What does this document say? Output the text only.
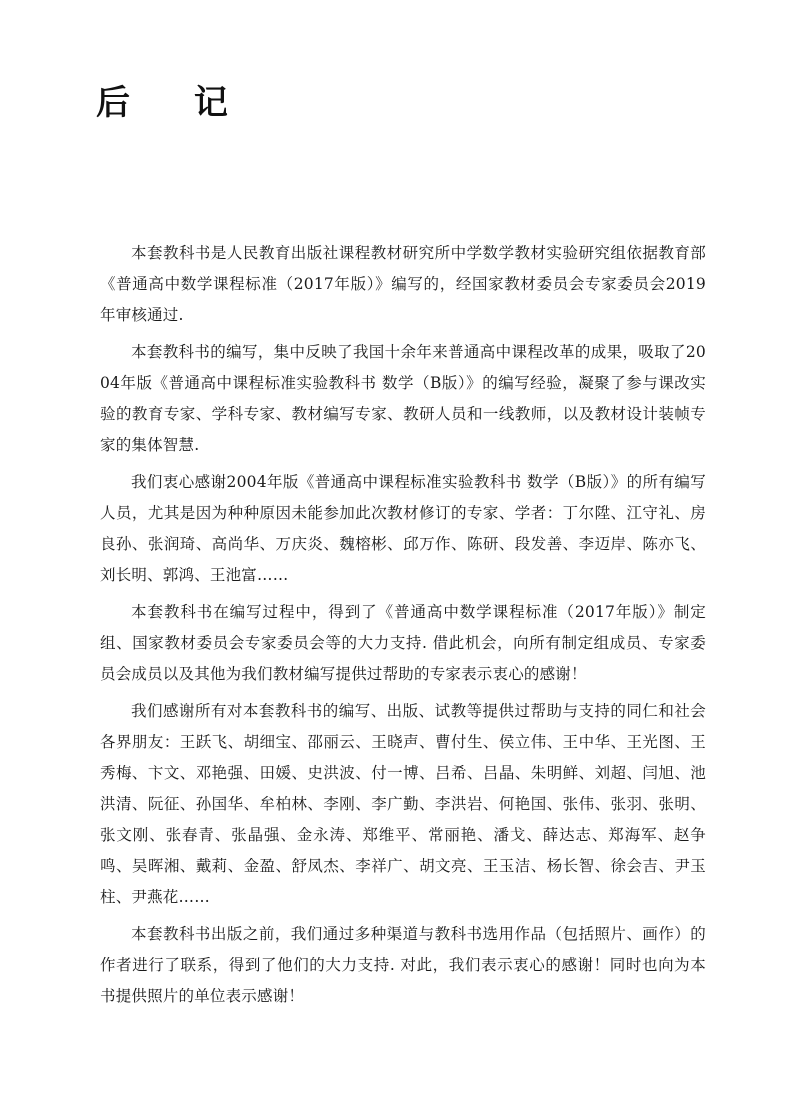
后 记

本套教科书是人民教育出版社课程教材研究所中学数学教材实验研究组依据教育部《普通高中数学课程标准（2017年版）》编写的，经国家教材委员会专家委员会2019年审核通过.

本套教科书的编写，集中反映了我国十余年来普通高中课程改革的成果，吸取了2004年版《普通高中课程标准实验教科书 数学（B版）》的编写经验，凝聚了参与课改实验的教育专家、学科专家、教材编写专家、教研人员和一线教师，以及教材设计装帧专家的集体智慧.

我们衷心感谢2004年版《普通高中课程标准实验教科书 数学（B版）》的所有编写人员，尤其是因为种种原因未能参加此次教材修订的专家、学者：丁尔陞、江守礼、房良孙、张润琦、高尚华、万庆炎、魏榕彬、邱万作、陈研、段发善、李迈岸、陈亦飞、刘长明、郭鸿、王池富……

本套教科书在编写过程中，得到了《普通高中数学课程标准（2017年版）》制定组、国家教材委员会专家委员会等的大力支持. 借此机会，向所有制定组成员、专家委员会成员以及其他为我们教材编写提供过帮助的专家表示衷心的感谢！

我们感谢所有对本套教科书的编写、出版、试教等提供过帮助与支持的同仁和社会各界朋友：王跃飞、胡细宝、邵丽云、王晓声、曹付生、侯立伟、王中华、王光图、王秀梅、卞文、邓艳强、田媛、史洪波、付一博、吕希、吕晶、朱明鲜、刘超、闫旭、池洪清、阮征、孙国华、牟柏林、李刚、李广勤、李洪岩、何艳国、张伟、张羽、张明、张文刚、张春青、张晶强、金永涛、郑维平、常丽艳、潘戈、薛达志、郑海军、赵争鸣、吴晖湘、戴莉、金盈、舒凤杰、李祥广、胡文亮、王玉洁、杨长智、徐会吉、尹玉柱、尹燕花……

本套教科书出版之前，我们通过多种渠道与教科书选用作品（包括照片、画作）的作者进行了联系，得到了他们的大力支持. 对此，我们表示衷心的感谢！同时也向为本书提供照片的单位表示感谢！
